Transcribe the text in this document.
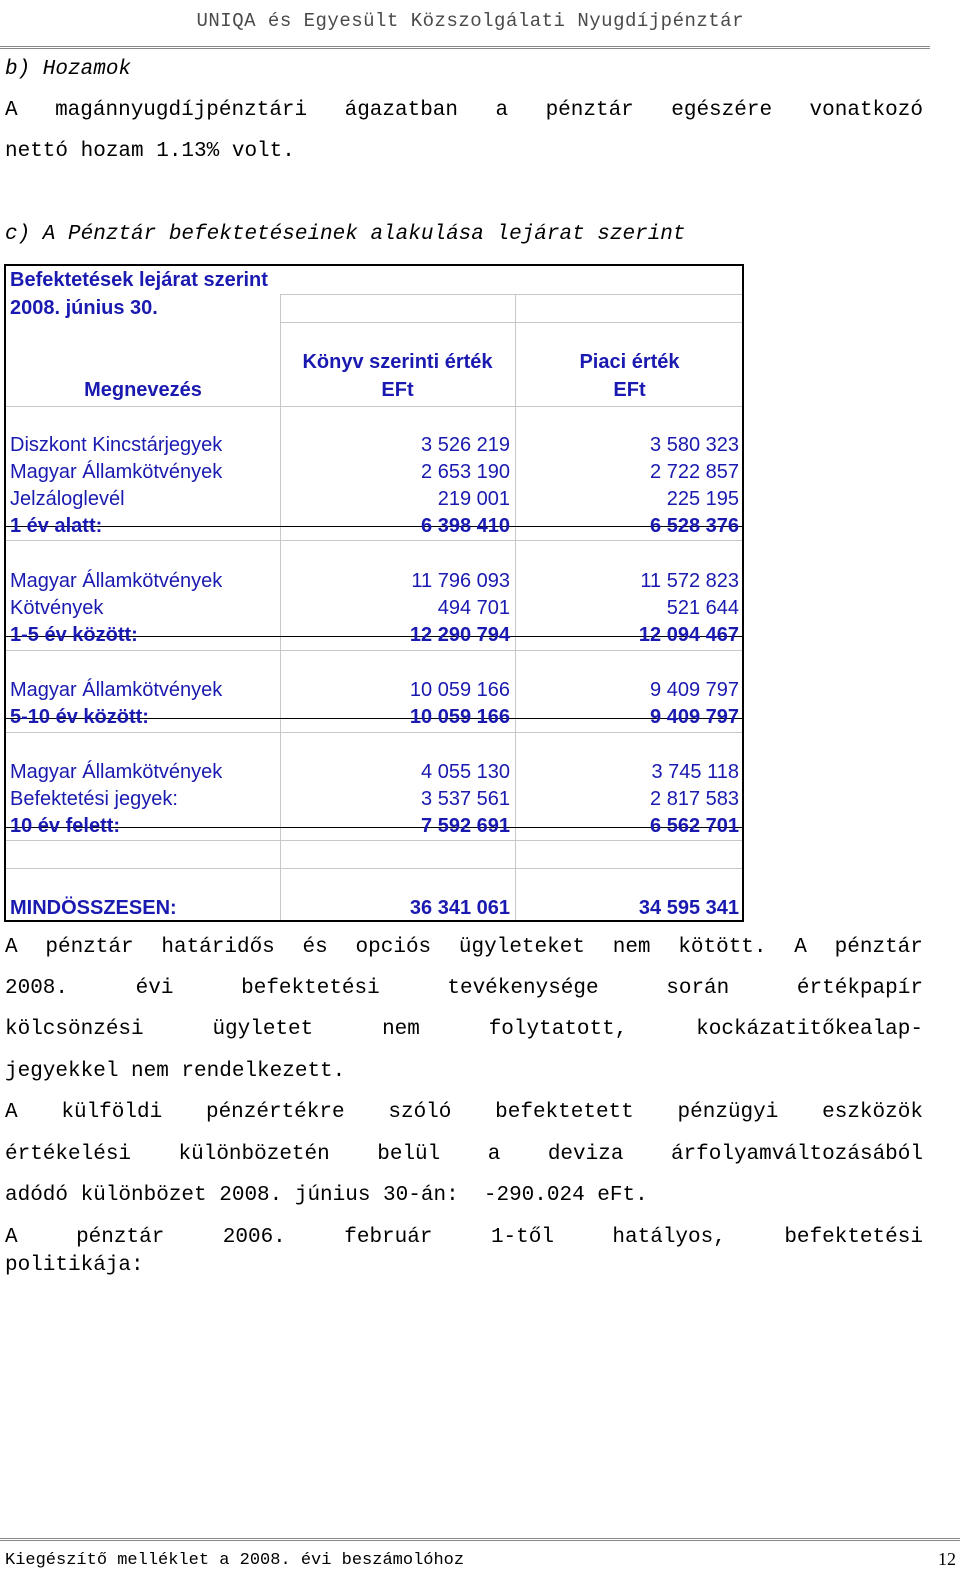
UNIQA és Egyesült Közszolgálati Nyugdíjpénztár
b) Hozamok
A magánnyugdíjpénztári ágazatban a pénztár egészére vonatkozó
nettó hozam 1.13% volt.
c) A Pénztár befektetéseinek alakulása lejárat szerint
Befektetések lejárat szerint
2008. június 30.
Megnevezés
Könyv szerinti érték
EFt
Piaci érték
EFt
Diszkont Kincstárjegyek	3 526 219	3 580 323
Magyar Államkötvények	2 653 190	2 722 857
Jelzáloglevél	219 001	225 195
1 év alatt:	6 398 410	6 528 376
Magyar Államkötvények	11 796 093	11 572 823
Kötvények	494 701	521 644
1-5 év között:	12 290 794	12 094 467
Magyar Államkötvények	10 059 166	9 409 797
5-10 év között:	10 059 166	9 409 797
Magyar Államkötvények	4 055 130	3 745 118
Befektetési jegyek:	3 537 561	2 817 583
10 év felett:	7 592 691	6 562 701
MINDÖSSZESEN:	36 341 061	34 595 341
A pénztár határidős és opciós ügyleteket nem kötött. A pénztár
2008.	évi	befektetési	tevékenysége	során	értékpapír
kölcsönzési	ügyletet	nem	folytatott,	kockázatitőkealap-
jegyekkel nem rendelkezett.
A külföldi pénzértékre szóló befektetett pénzügyi eszközök
értékelési különbözetén belül a deviza árfolyamváltozásából
adódó különbözet 2008. június 30-án:  -290.024 eFt.
A	pénztár	2006.	február	1-től	hatályos,	befektetési
politikája:
Kiegészítő melléklet a 2008. évi beszámolóhoz	12
